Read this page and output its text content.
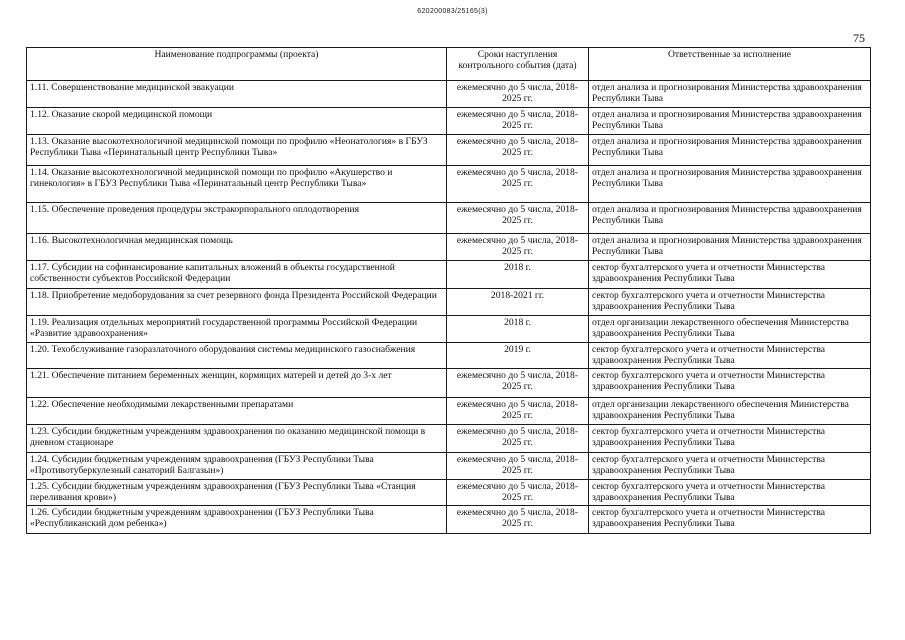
620200083/25165(3)
75
Наименование подпрограммы (проекта)	Сроки наступления контрольного события (дата)	Ответственные за исполнение
1.11. Совершенствование медицинской эвакуации	ежемесячно до 5 числа, 2018-2025 гг.	отдел анализа и прогнозирования Министерства здравоохранения Республики Тыва
1.12. Оказание скорой медицинской помощи	ежемесячно до 5 числа, 2018-2025 гг.	отдел анализа и прогнозирования Министерства здравоохранения Республики Тыва
1.13. Оказание высокотехнологичной медицинской помощи по профилю «Неонатология» в ГБУЗ Республики Тыва «Перинатальный центр Республики Тыва»	ежемесячно до 5 числа, 2018-2025 гг.	отдел анализа и прогнозирования Министерства здравоохранения Республики Тыва
1.14. Оказание высокотехнологичной медицинской помощи по профилю «Акушерство и гинекология» в ГБУЗ Республики Тыва «Перинатальный центр Республики Тыва»	ежемесячно до 5 числа, 2018-2025 гг.	отдел анализа и прогнозирования Министерства здравоохранения Республики Тыва
1.15. Обеспечение проведения процедуры экстракорпорального оплодотворения	ежемесячно до 5 числа, 2018-2025 гг.	отдел анализа и прогнозирования Министерства здравоохранения Республики Тыва
1.16. Высокотехнологичная медицинская помощь	ежемесячно до 5 числа, 2018-2025 гг.	отдел анализа и прогнозирования Министерства здравоохранения Республики Тыва
1.17. Субсидии на софинансирование капитальных вложений в объекты государственной собственности субъектов Российской Федерации	2018 г.	сектор бухгалтерского учета и отчетности Министерства здравоохранения Республики Тыва
1.18. Приобретение медоборудования за счет резервного фонда Президента Российской Федерации	2018-2021 гг.	сектор бухгалтерского учета и отчетности Министерства здравоохранения Республики Тыва
1.19. Реализация отдельных мероприятий государственной программы Российской Федерации «Развитие здравоохранения»	2018 г.	отдел организации лекарственного обеспечения Министерства здравоохранения Республики Тыва
1.20. Техобслуживание газоразлаточного оборудования системы медицинского газоснабжения	2019 г.	сектор бухгалтерского учета и отчетности Министерства здравоохранения Республики Тыва
1.21. Обеспечение питанием беременных женщин, кормящих матерей и детей до 3-х лет	ежемесячно до 5 числа, 2018-2025 гг.	сектор бухгалтерского учета и отчетности Министерства здравоохранения Республики Тыва
1.22. Обеспечение необходимыми лекарственными препаратами	ежемесячно до 5 числа, 2018-2025 гг.	отдел организации лекарственного обеспечения Министерства здравоохранения Республики Тыва
1.23. Субсидии бюджетным учреждениям здравоохранения по оказанию медицинской помощи в дневном стационаре	ежемесячно до 5 числа, 2018-2025 гг.	сектор бухгалтерского учета и отчетности Министерства здравоохранения Республики Тыва
1.24. Субсидии бюджетным учреждениям здравоохранения (ГБУЗ Республики Тыва «Противотуберкулезный санаторий Балгазын»)	ежемесячно до 5 числа, 2018-2025 гг.	сектор бухгалтерского учета и отчетности Министерства здравоохранения Республики Тыва
1.25. Субсидии бюджетным учреждениям здравоохранения (ГБУЗ Республики Тыва «Станция переливания крови»)	ежемесячно до 5 числа, 2018-2025 гг.	сектор бухгалтерского учета и отчетности Министерства здравоохранения Республики Тыва
1.26. Субсидии бюджетным учреждениям здравоохранения (ГБУЗ Республики Тыва «Республиканский дом ребенка»)	ежемесячно до 5 числа, 2018-2025 гг.	сектор бухгалтерского учета и отчетности Министерства здравоохранения Республики Тыва
